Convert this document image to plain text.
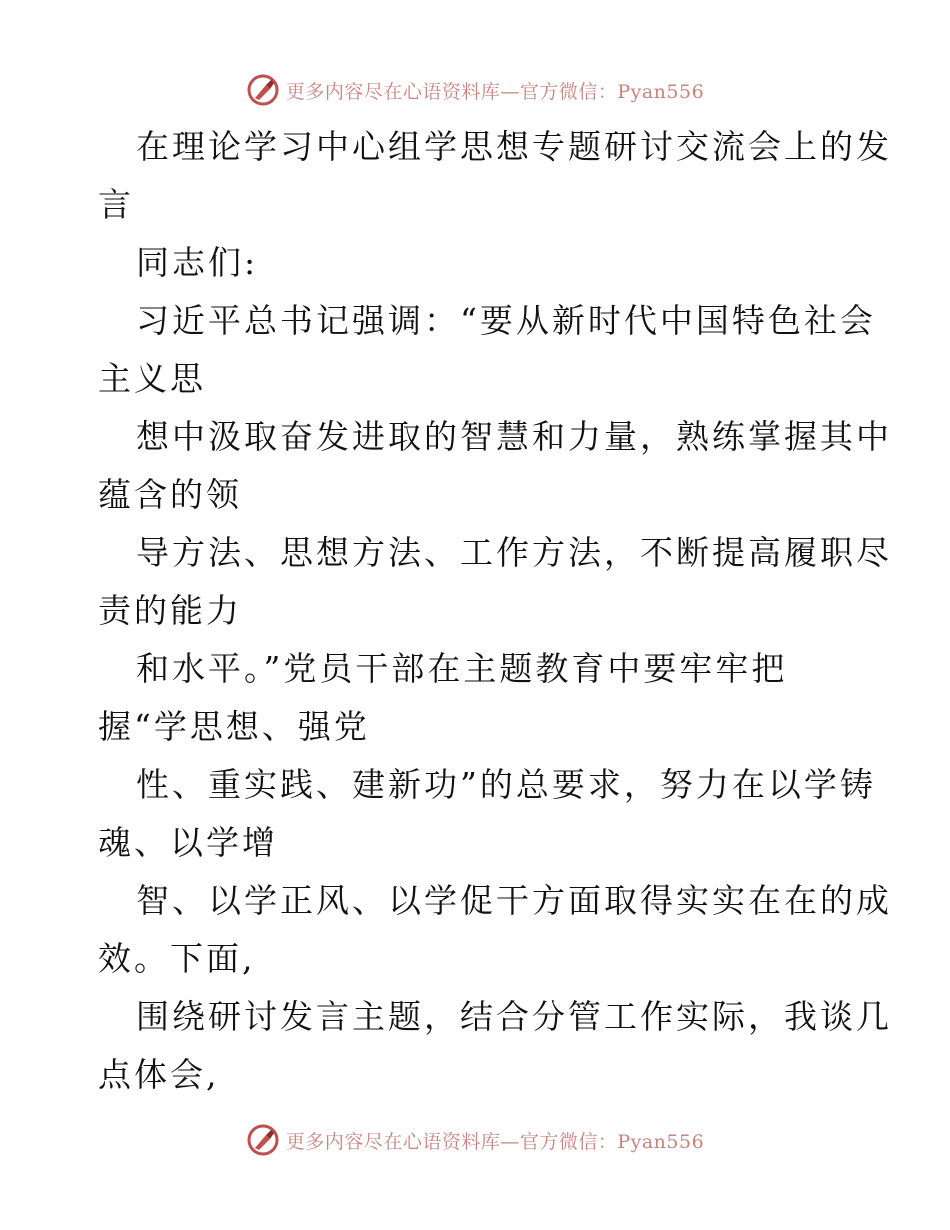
更多内容尽在心语资料库—官方微信：Pyan556
在理论学习中心组学思想专题研讨交流会上的发
言
同志们:
习近平总书记强调：“要从新时代中国特色社会
主义思
想中汲取奋发进取的智慧和力量，熟练掌握其中
蕴含的领
导方法、思想方法、工作方法，不断提高履职尽
责的能力
和水平。”党员干部在主题教育中要牢牢把
握“学思想、强党
性、重实践、建新功”的总要求，努力在以学铸
魂、以学增
智、以学正风、以学促干方面取得实实在在的成
效。下面,
围绕研讨发言主题，结合分管工作实际，我谈几
点体会,
更多内容尽在心语资料库—官方微信：Pyan556
